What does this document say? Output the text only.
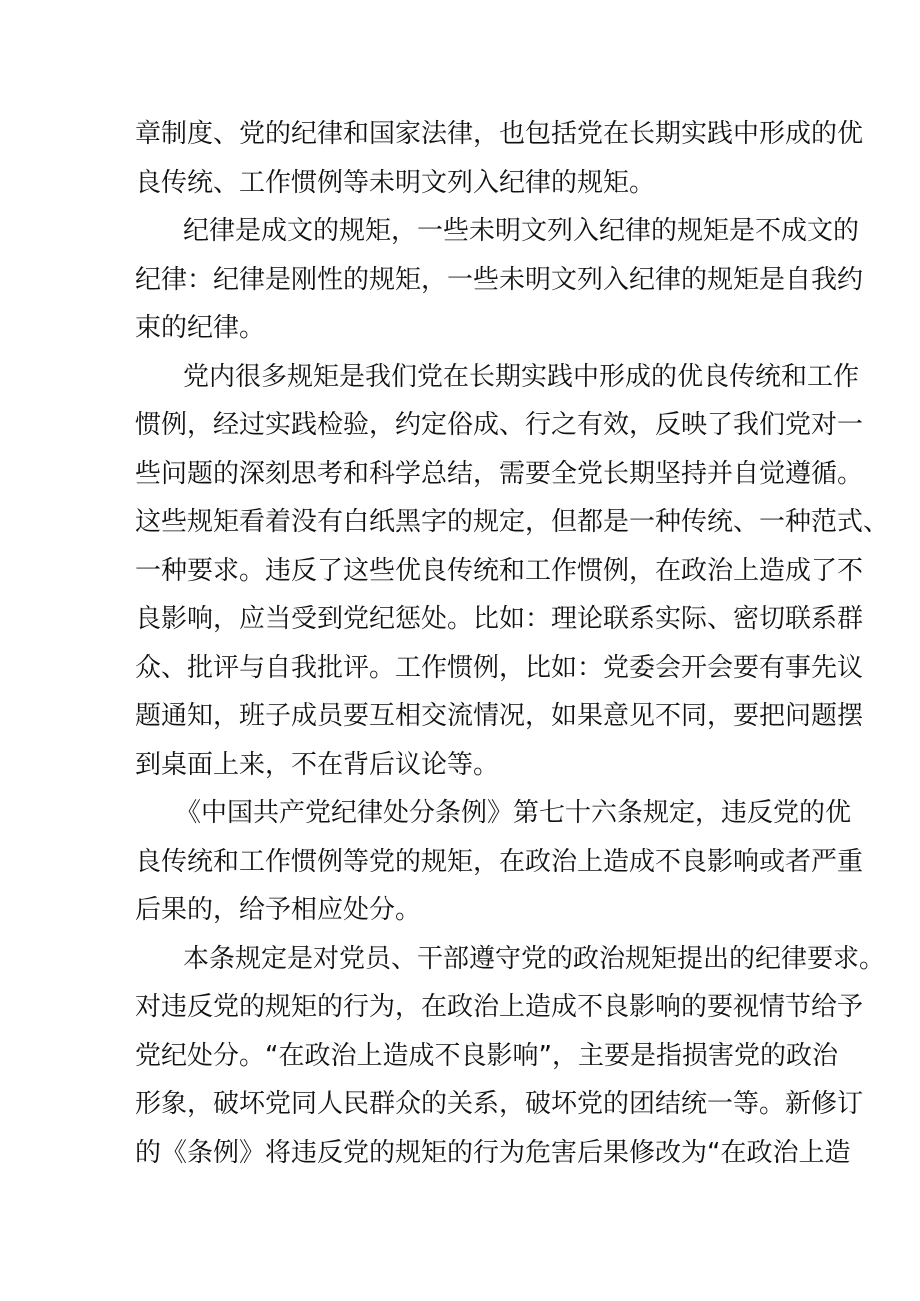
章制度、党的纪律和国家法律，也包括党在长期实践中形成的优
良传统、工作惯例等未明文列入纪律的规矩。
纪律是成文的规矩，一些未明文列入纪律的规矩是不成文的
纪律：纪律是刚性的规矩，一些未明文列入纪律的规矩是自我约
束的纪律。
党内很多规矩是我们党在长期实践中形成的优良传统和工作
惯例，经过实践检验，约定俗成、行之有效，反映了我们党对一
些问题的深刻思考和科学总结，需要全党长期坚持并自觉遵循。
这些规矩看着没有白纸黑字的规定，但都是一种传统、一种范式、
一种要求。违反了这些优良传统和工作惯例，在政治上造成了不
良影响，应当受到党纪惩处。比如：理论联系实际、密切联系群
众、批评与自我批评。工作惯例，比如：党委会开会要有事先议
题通知，班子成员要互相交流情况，如果意见不同，要把问题摆
到桌面上来，不在背后议论等。
《中国共产党纪律处分条例》第七十六条规定，违反党的优
良传统和工作惯例等党的规矩，在政治上造成不良影响或者严重
后果的，给予相应处分。
本条规定是对党员、干部遵守党的政治规矩提出的纪律要求。
对违反党的规矩的行为，在政治上造成不良影响的要视情节给予
党纪处分。“在政治上造成不良影响”，主要是指损害党的政治
形象，破坏党同人民群众的关系，破坏党的团结统一等。新修订
的《条例》将违反党的规矩的行为危害后果修改为“在政治上造
